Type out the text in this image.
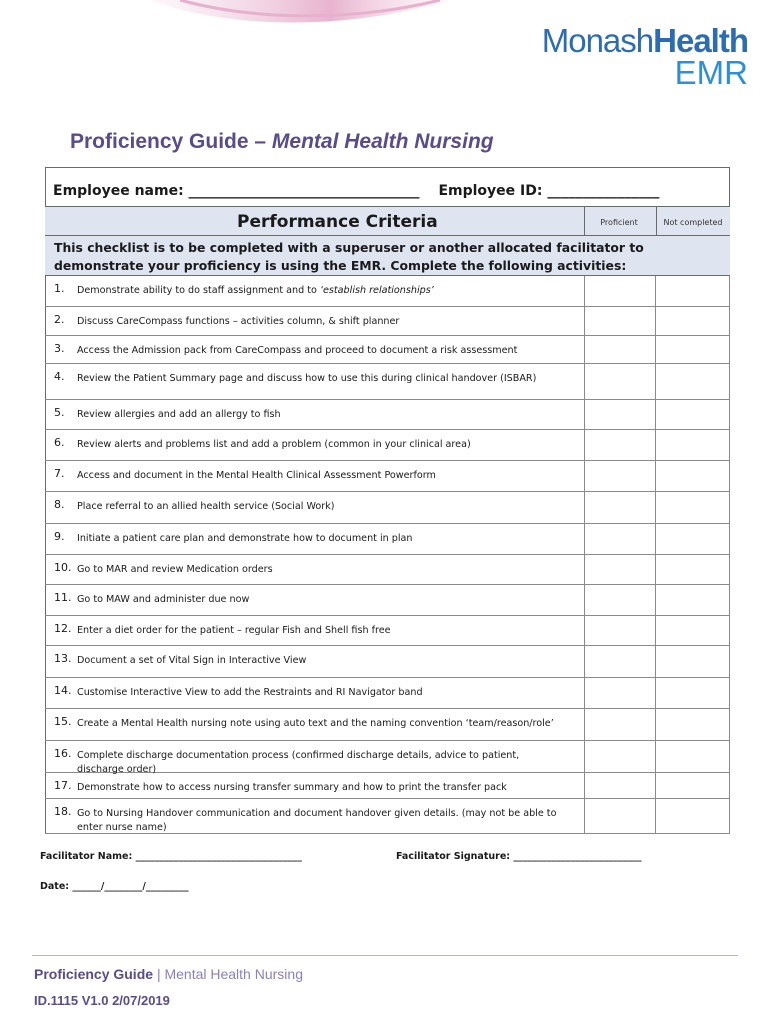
MonashHealth
EMR
Proficiency Guide – Mental Health Nursing
Employee name: _________________________________ Employee ID: ________________
Performance Criteria	Proficient	Not completed
This checklist is to be completed with a superuser or another allocated facilitator to demonstrate your proficiency is using the EMR. Complete the following activities:
1.	Demonstrate ability to do staff assignment and to ‘establish relationships’
2.	Discuss CareCompass functions – activities column, & shift planner
3.	Access the Admission pack from CareCompass and proceed to document a risk assessment
4.	Review the Patient Summary page and discuss how to use this during clinical handover (ISBAR)
5.	Review allergies and add an allergy to fish
6.	Review alerts and problems list and add a problem (common in your clinical area)
7.	Access and document in the Mental Health Clinical Assessment Powerform
8.	Place referral to an allied health service (Social Work)
9.	Initiate a patient care plan and demonstrate how to document in plan
10. Go to MAR and review Medication orders
11. Go to MAW and administer due now
12. Enter a diet order for the patient – regular Fish and Shell fish free
13. Document a set of Vital Sign in Interactive View
14. Customise Interactive View to add the Restraints and RI Navigator band
15. Create a Mental Health nursing note using auto text and the naming convention ‘team/reason/role’
16. Complete discharge documentation process (confirmed discharge details, advice to patient, discharge order)
17. Demonstrate how to access nursing transfer summary and how to print the transfer pack
18. Go to Nursing Handover communication and document handover given details. (may not be able to enter nurse name)
Facilitator Name: ___________________________________	Facilitator Signature: ___________________________
Date: ______/________/_________
Proficiency Guide | Mental Health Nursing
ID.1115 V1.0 2/07/2019
